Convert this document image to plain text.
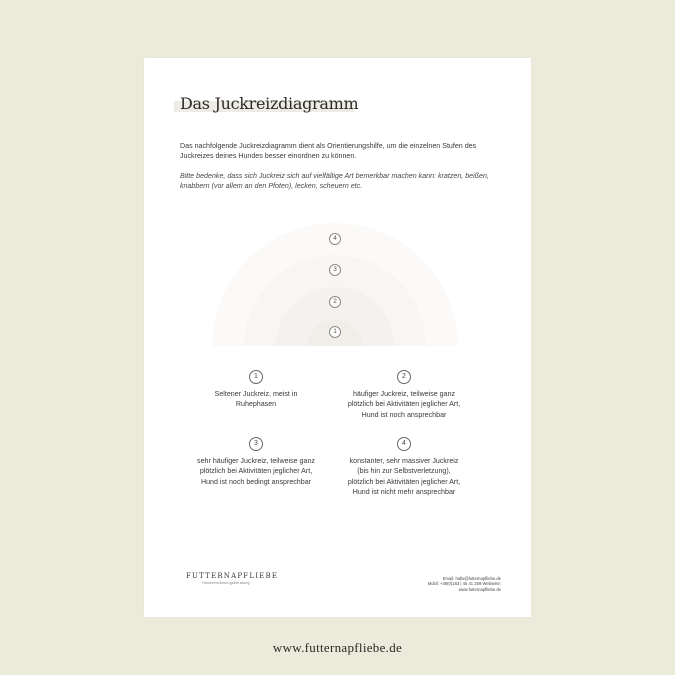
Das Juckreizdiagramm

Das nachfolgende Juckreizdiagramm dient als Orientierungshilfe, um die einzelnen Stufen des Juckreizes deines Hundes besser einordnen zu können.

Bitte bedenke, dass sich Juckreiz sich auf vielfältige Art bemerkbar machen kann: kratzen, beißen, knabbern (vor allem an den Pfoten), lecken, scheuern etc.

4
3
2
1
1
Seltener Juckreiz, meist in Ruhephasen
2
häufiger Juckreiz, teilweise ganz plötzlich bei Aktivitäten jeglicher Art, Hund ist noch ansprechbar
3
sehr häufiger Juckreiz, teilweise ganz plötzlich bei Aktivitäten jeglicher Art, Hund ist noch bedingt ansprechbar
4
konstanter, sehr massiver Juckreiz (bis hin zur Selbstverletzung), plötzlich bei Aktivitäten jeglicher Art, Hund ist nicht mehr ansprechbar
FUTTERNAPFLIEBE
Hundeernährungsberatung
Email: hallo@futternapfliebe.de
Mobil: +49(0)163 | 45 41 259 Webseite:
www.futternapfliebe.de
www.futternapfliebe.de
